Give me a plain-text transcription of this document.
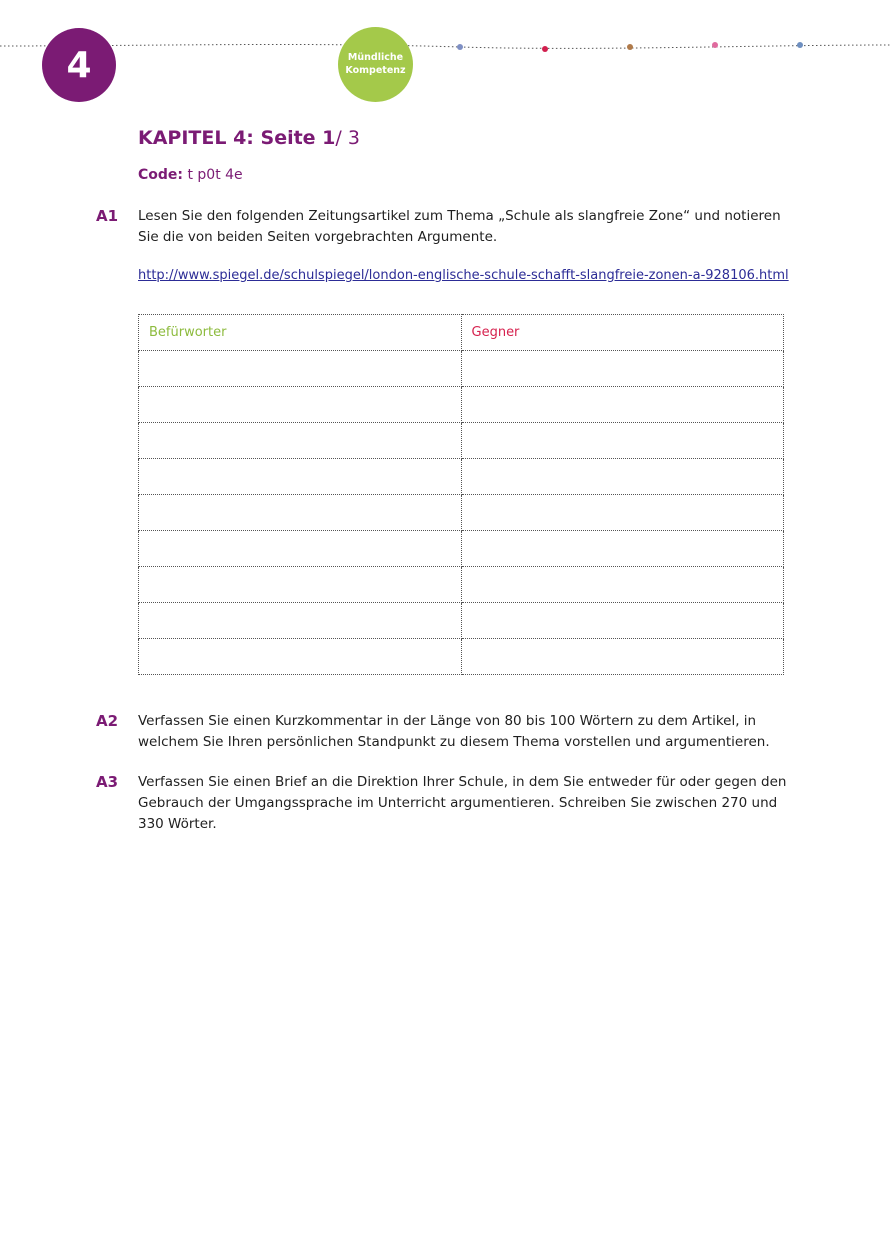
4	Mündliche
Kompetenz
KAPITEL 4: Seite 1/ 3
Code: t p0t 4e
A1 Lesen Sie den folgenden Zeitungsartikel zum Thema „Schule als slangfreie Zone“ und notieren Sie die von beiden Seiten vorgebrachten Argumente.
http://www.spiegel.de/schulspiegel/london-englische-schule-schafft-slangfreie-zonen-a-928106.html
Befürworter	Gegner

A2 Verfassen Sie einen Kurzkommentar in der Länge von 80 bis 100 Wörtern zu dem Artikel, in welchem Sie Ihren persönlichen Standpunkt zu diesem Thema vorstellen und argumentieren.
A3 Verfassen Sie einen Brief an die Direktion Ihrer Schule, in dem Sie entweder für oder gegen den Gebrauch der Umgangssprache im Unterricht argumentieren. Schreiben Sie zwischen 270 und 330 Wörter.
